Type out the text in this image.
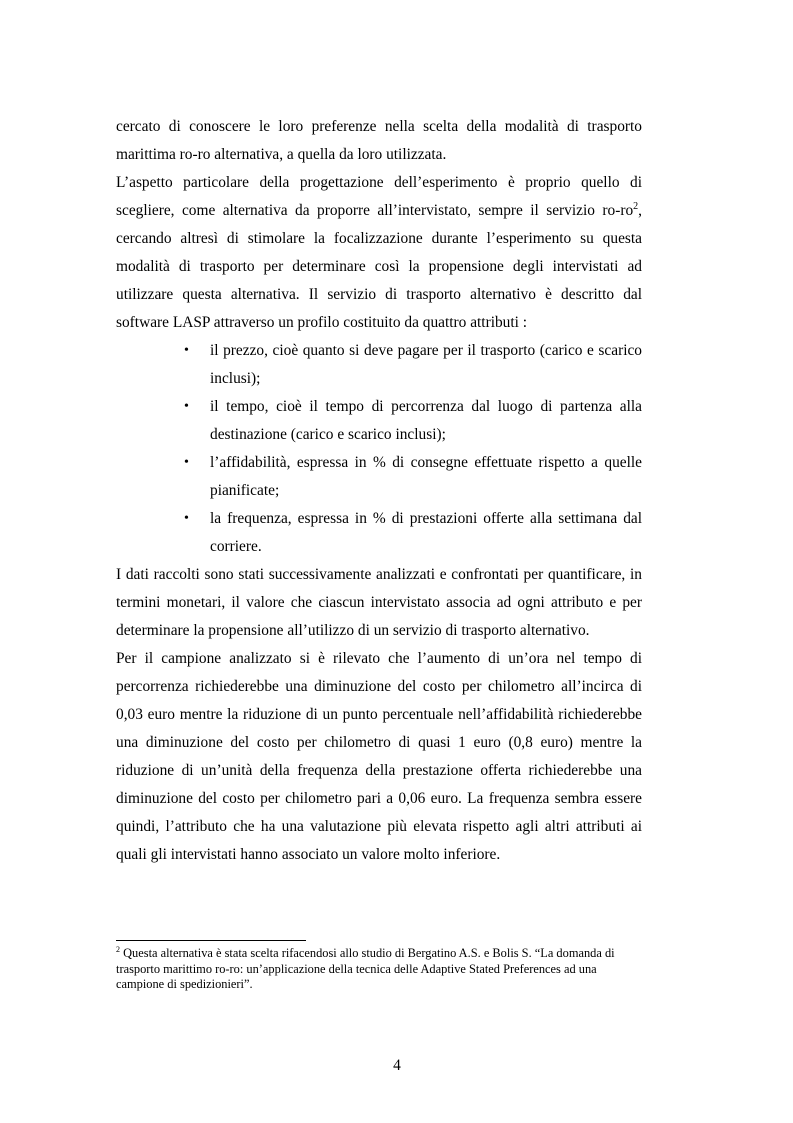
cercato di conoscere le loro preferenze nella scelta della modalità di trasporto marittima ro-ro alternativa, a quella da loro utilizzata.

L’aspetto particolare della progettazione dell’esperimento è proprio quello di scegliere, come alternativa da proporre all’intervistato, sempre il servizio $ro-ro^2$, cercando altresì di stimolare la focalizzazione durante l’esperimento su questa modalità di trasporto per determinare così la propensione degli intervistati ad utilizzare questa alternativa. Il servizio di trasporto alternativo è descritto dal software LASP attraverso un profilo costituito da quattro attributi :

•	il prezzo, cioè quanto si deve pagare per il trasporto (carico e scarico inclusi);
•	il tempo, cioè il tempo di percorrenza dal luogo di partenza alla destinazione (carico e scarico inclusi);
•	l’affidabilità, espressa in % di consegne effettuate rispetto a quelle pianificate;
•	la frequenza, espressa in % di prestazioni offerte alla settimana dal corriere.

I dati raccolti sono stati successivamente analizzati e confrontati per quantificare, in termini monetari, il valore che ciascun intervistato associa ad ogni attributo e per determinare la propensione all’utilizzo di un servizio di trasporto alternativo.

Per il campione analizzato si è rilevato che l’aumento di un’ora nel tempo di percorrenza richiederebbe una diminuzione del costo per chilometro all’incirca di 0,03 euro mentre la riduzione di un punto percentuale nell’affidabilità richiederebbe una diminuzione del costo per chilometro di quasi 1 euro (0,8 euro) mentre la riduzione di un’unità della frequenza della prestazione offerta richiederebbe una diminuzione del costo per chilometro pari a 0,06 euro. La frequenza sembra essere quindi, l’attributo che ha una valutazione più elevata rispetto agli altri attributi ai quali gli intervistati hanno associato un valore molto inferiore.

$^2$ Questa alternativa è stata scelta rifacendosi allo studio di Bergatino A.S. e Bolis S. “La domanda di trasporto marittimo ro-ro: un’applicazione della tecnica delle Adaptive Stated Preferences ad una campione di spedizionieri”.
4
